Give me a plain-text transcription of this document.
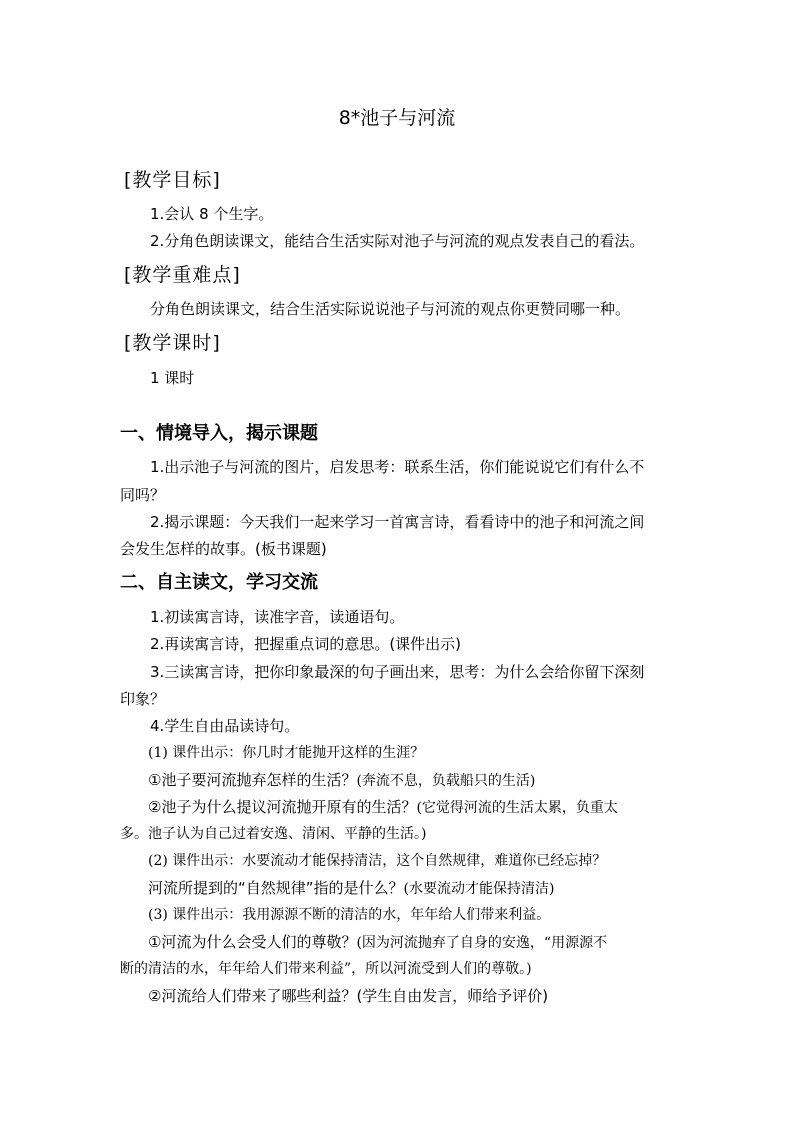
8*池子与河流
[教学目标]
1.会认 8 个生字。
2.分角色朗读课文，能结合生活实际对池子与河流的观点发表自己的看法。
[教学重难点]
分角色朗读课文，结合生活实际说说池子与河流的观点你更赞同哪一种。
[教学课时]
1 课时
一、情境导入，揭示课题
1.出示池子与河流的图片，启发思考：联系生活，你们能说说它们有什么不
同吗？
2.揭示课题：今天我们一起来学习一首寓言诗，看看诗中的池子和河流之间
会发生怎样的故事。(板书课题)
二、自主读文，学习交流
1.初读寓言诗，读准字音，读通语句。
2.再读寓言诗，把握重点词的意思。(课件出示)
3.三读寓言诗，把你印象最深的句子画出来，思考：为什么会给你留下深刻
印象？
4.学生自由品读诗句。
(1) 课件出示：你几时才能抛开这样的生涯？
①池子要河流抛弃怎样的生活？(奔流不息，负载船只的生活)
②池子为什么提议河流抛开原有的生活？(它觉得河流的生活太累，负重太
多。池子认为自己过着安逸、清闲、平静的生活。)
(2) 课件出示：水要流动才能保持清洁，这个自然规律，难道你已经忘掉？
河流所提到的“自然规律”指的是什么？(水要流动才能保持清洁)
(3) 课件出示：我用源源不断的清洁的水，年年给人们带来利益。
①河流为什么会受人们的尊敬？(因为河流抛弃了自身的安逸，“用源源不
断的清洁的水，年年给人们带来利益”，所以河流受到人们的尊敬。)
②河流给人们带来了哪些利益？(学生自由发言，师给予评价)
